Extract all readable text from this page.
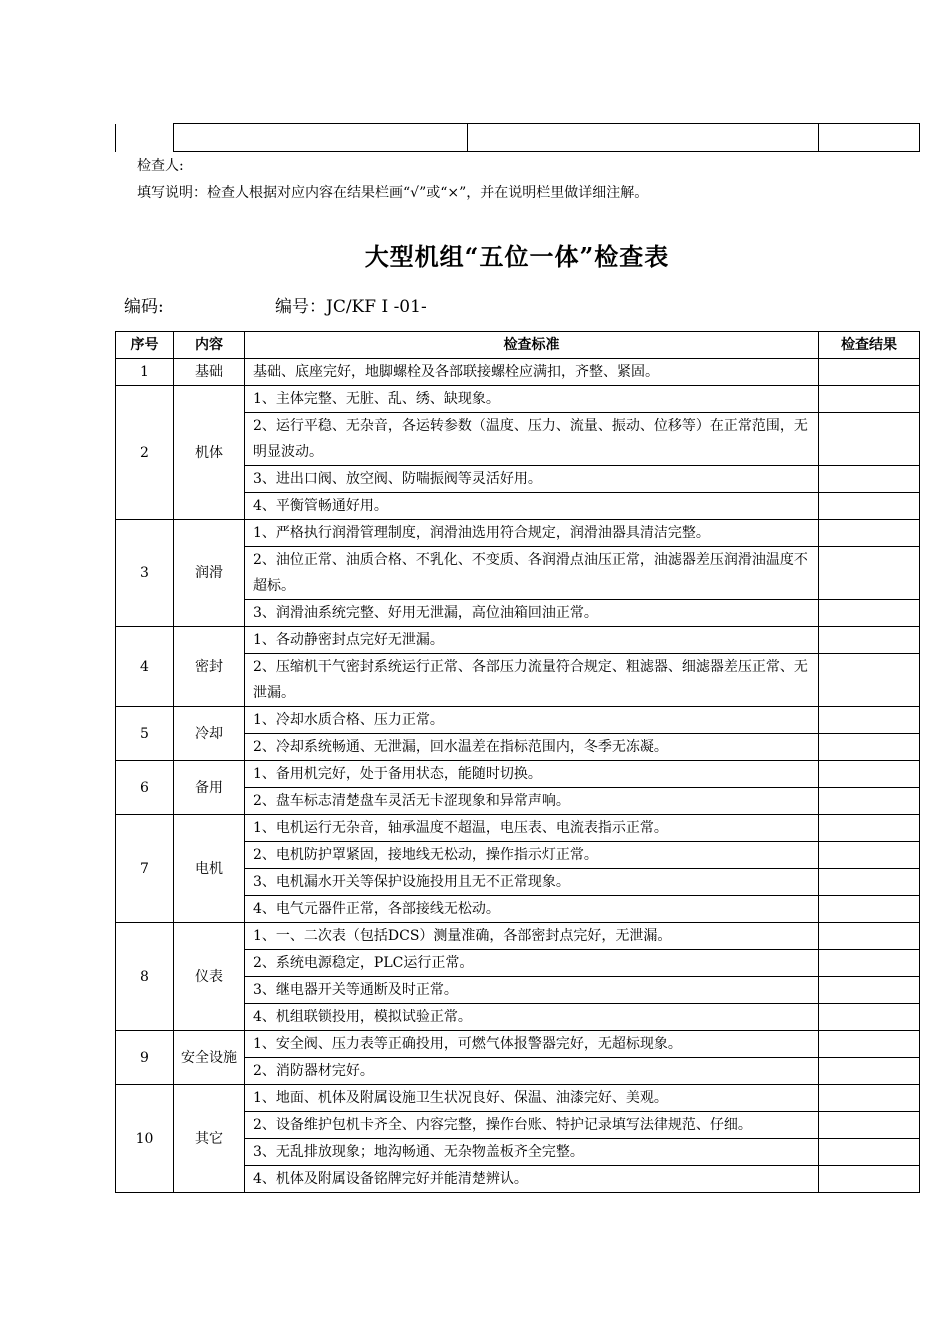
检查人:
填写说明：检查人根据对应内容在结果栏画“√”或“×”，并在说明栏里做详细注解。
大型机组“五位一体”检查表
编码:	编号：JC/KF I -01-
序号	内容	检查标准	检查结果
1	基础	基础、底座完好，地脚螺栓及各部联接螺栓应满扣，齐整、紧固。	
2	机体	1、主体完整、无脏、乱、绣、缺现象。	
		2、运行平稳、无杂音，各运转参数（温度、压力、流量、振动、位移等）在正常范围，无明显波动。	
		3、进出口阀、放空阀、防喘振阀等灵活好用。	
		4、平衡管畅通好用。	
3	润滑	1、严格执行润滑管理制度，润滑油选用符合规定，润滑油器具清洁完整。	
		2、油位正常、油质合格、不乳化、不变质、各润滑点油压正常，油滤器差压润滑油温度不超标。	
		3、润滑油系统完整、好用无泄漏，高位油箱回油正常。	
4	密封	1、各动静密封点完好无泄漏。	
		2、压缩机干气密封系统运行正常、各部压力流量符合规定、粗滤器、细滤器差压正常、无泄漏。	
5	冷却	1、冷却水质合格、压力正常。	
		2、冷却系统畅通、无泄漏，回水温差在指标范围内，冬季无冻凝。	
6	备用	1、备用机完好，处于备用状态，能随时切换。	
		2、盘车标志清楚盘车灵活无卡涩现象和异常声响。	
7	电机	1、电机运行无杂音，轴承温度不超温，电压表、电流表指示正常。	
		2、电机防护罩紧固，接地线无松动，操作指示灯正常。	
		3、电机漏水开关等保护设施投用且无不正常现象。	
		4、电气元器件正常，各部接线无松动。	
8	仪表	1、一、二次表（包括DCS）测量准确，各部密封点完好，无泄漏。	
		2、系统电源稳定，PLC运行正常。	
		3、继电器开关等通断及时正常。	
		4、机组联锁投用，模拟试验正常。	
9	安全设施	1、安全阀、压力表等正确投用，可燃气体报警器完好，无超标现象。	
		2、消防器材完好。	
10	其它	1、地面、机体及附属设施卫生状况良好、保温、油漆完好、美观。	
		2、设备维护包机卡齐全、内容完整，操作台账、特护记录填写法律规范、仔细。	
		3、无乱排放现象；地沟畅通、无杂物盖板齐全完整。	
		4、机体及附属设备铭牌完好并能清楚辨认。	
